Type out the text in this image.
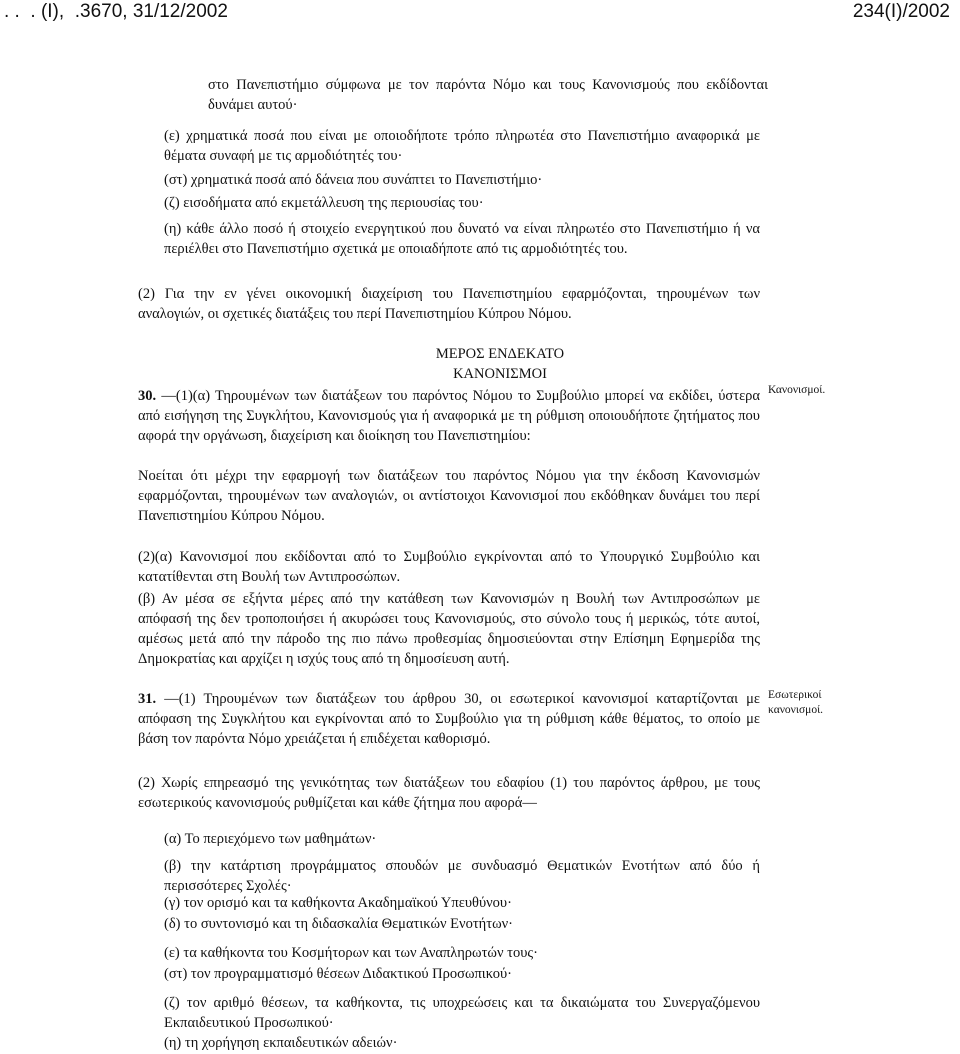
. .  . (Ι),  .3670, 31/12/2002	234(Ι)/2002

στο Πανεπιστήμιο σύμφωνα με τον παρόντα Νόμο και τους Κανονισμούς που εκδίδονται δυνάμει αυτού·

(ε) χρηματικά ποσά που είναι με οποιοδήποτε τρόπο πληρωτέα στο Πανεπιστήμιο αναφορικά με θέματα συναφή με τις αρμοδιότητές του·

(στ) χρηματικά ποσά από δάνεια που συνάπτει το Πανεπιστήμιο·

(ζ) εισοδήματα από εκμετάλλευση της περιουσίας του·

(η) κάθε άλλο ποσό ή στοιχείο ενεργητικού που δυνατό να είναι πληρωτέο στο Πανεπιστήμιο ή να περιέλθει στο Πανεπιστήμιο σχετικά με οποιαδήποτε από τις αρμοδιότητές του.

(2) Για την εν γένει οικονομική διαχείριση του Πανεπιστημίου εφαρμόζονται, τηρουμένων των αναλογιών, οι σχετικές διατάξεις του περί Πανεπιστημίου Κύπρου Νόμου.

ΜΕΡΟΣ ΕΝΔΕΚΑΤΟ

ΚΑΝΟΝΙΣΜΟΙ

30. —(1)(α) Τηρουμένων των διατάξεων του παρόντος Νόμου το Συμβούλιο μπορεί να εκδίδει, ύστερα από εισήγηση της Συγκλήτου, Κανονισμούς για ή αναφορικά με τη ρύθμιση οποιουδήποτε ζητήματος που αφορά την οργάνωση, διαχείριση και διοίκηση του Πανεπιστημίου:

Κανονισμοί.

Νοείται ότι μέχρι την εφαρμογή των διατάξεων του παρόντος Νόμου για την έκδοση Κανονισμών εφαρμόζονται, τηρουμένων των αναλογιών, οι αντίστοιχοι Κανονισμοί που εκδόθηκαν δυνάμει του περί Πανεπιστημίου Κύπρου Νόμου.

(2)(α) Κανονισμοί που εκδίδονται από το Συμβούλιο εγκρίνονται από το Υπουργικό Συμβούλιο και κατατίθενται στη Βουλή των Αντιπροσώπων.

(β) Αν μέσα σε εξήντα μέρες από την κατάθεση των Κανονισμών η Βουλή των Αντιπροσώπων με απόφασή της δεν τροποποιήσει ή ακυρώσει τους Κανονισμούς, στο σύνολο τους ή μερικώς, τότε αυτοί, αμέσως μετά από την πάροδο της πιο πάνω προθεσμίας δημοσιεύονται στην Επίσημη Εφημερίδα της Δημοκρατίας και αρχίζει η ισχύς τους από τη δημοσίευση αυτή.

31. —(1) Τηρουμένων των διατάξεων του άρθρου 30, οι εσωτερικοί κανονισμοί καταρτίζονται με απόφαση της Συγκλήτου και εγκρίνονται από το Συμβούλιο για τη ρύθμιση κάθε θέματος, το οποίο με βάση τον παρόντα Νόμο χρειάζεται ή επιδέχεται καθορισμό.

Εσωτερικοί κανονισμοί.

(2) Χωρίς επηρεασμό της γενικότητας των διατάξεων του εδαφίου (1) του παρόντος άρθρου, με τους εσωτερικούς κανονισμούς ρυθμίζεται και κάθε ζήτημα που αφορά—

(α) Το περιεχόμενο των μαθημάτων·

(β) την κατάρτιση προγράμματος σπουδών με συνδυασμό Θεματικών Ενοτήτων από δύο ή περισσότερες Σχολές·

(γ) τον ορισμό και τα καθήκοντα Ακαδημαϊκού Υπευθύνου·

(δ) το συντονισμό και τη διδασκαλία Θεματικών Ενοτήτων·

(ε) τα καθήκοντα του Κοσμήτορων και των Αναπληρωτών τους·

(στ) τον προγραμματισμό θέσεων Διδακτικού Προσωπικού·

(ζ) τον αριθμό θέσεων, τα καθήκοντα, τις υποχρεώσεις και τα δικαιώματα του Συνεργαζόμενου Εκπαιδευτικού Προσωπικού·

(η) τη χορήγηση εκπαιδευτικών αδειών·
